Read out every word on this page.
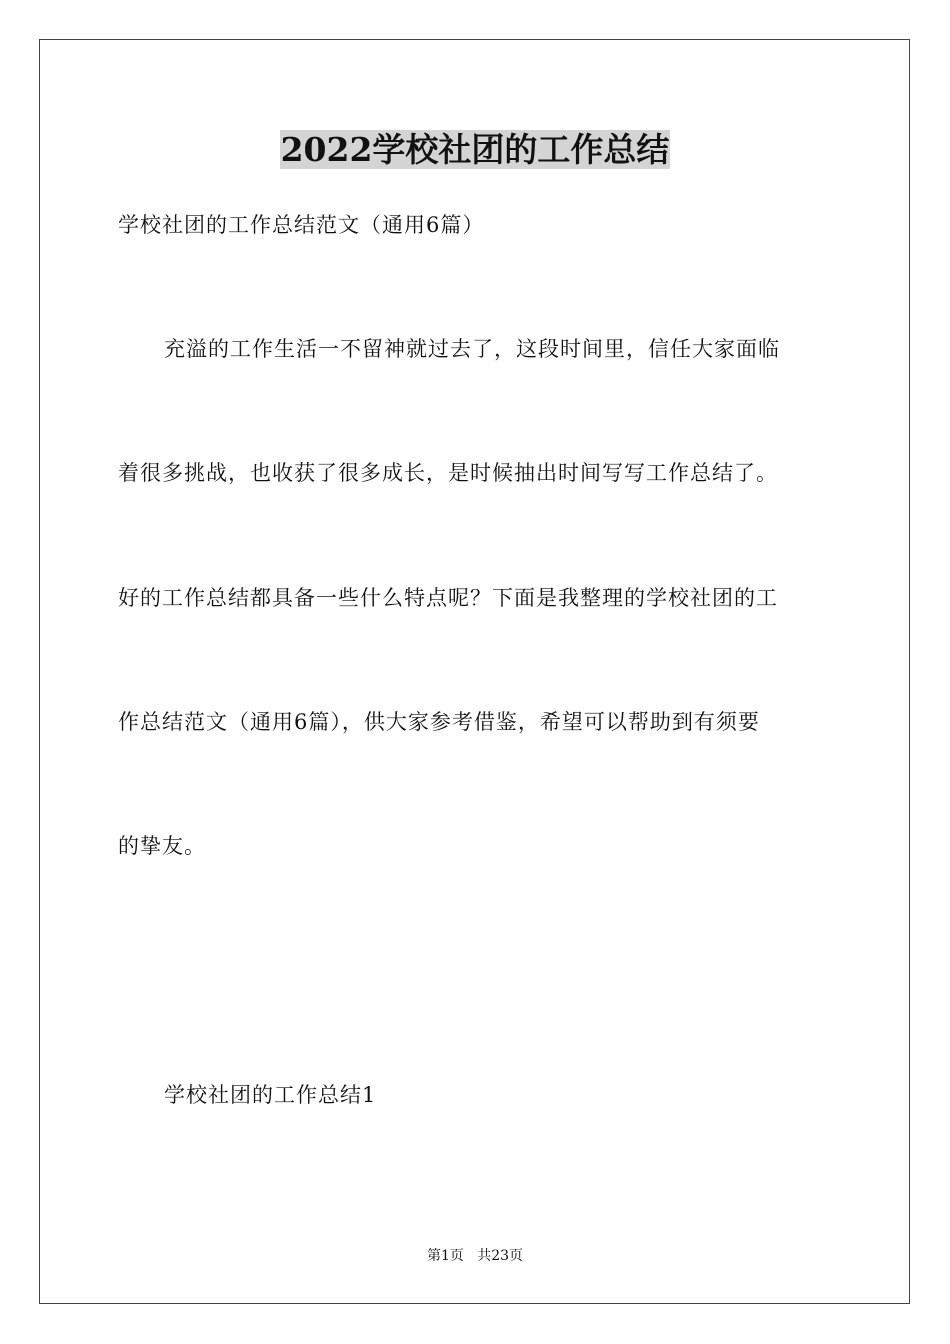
2022学校社团的工作总结
学校社团的工作总结范文（通用6篇）
充溢的工作生活一不留神就过去了，这段时间里，信任大家面临
着很多挑战，也收获了很多成长，是时候抽出时间写写工作总结了。
好的工作总结都具备一些什么特点呢？下面是我整理的学校社团的工
作总结范文（通用6篇），供大家参考借鉴，希望可以帮助到有须要
的挚友。
学校社团的工作总结1
第1页   共23页
